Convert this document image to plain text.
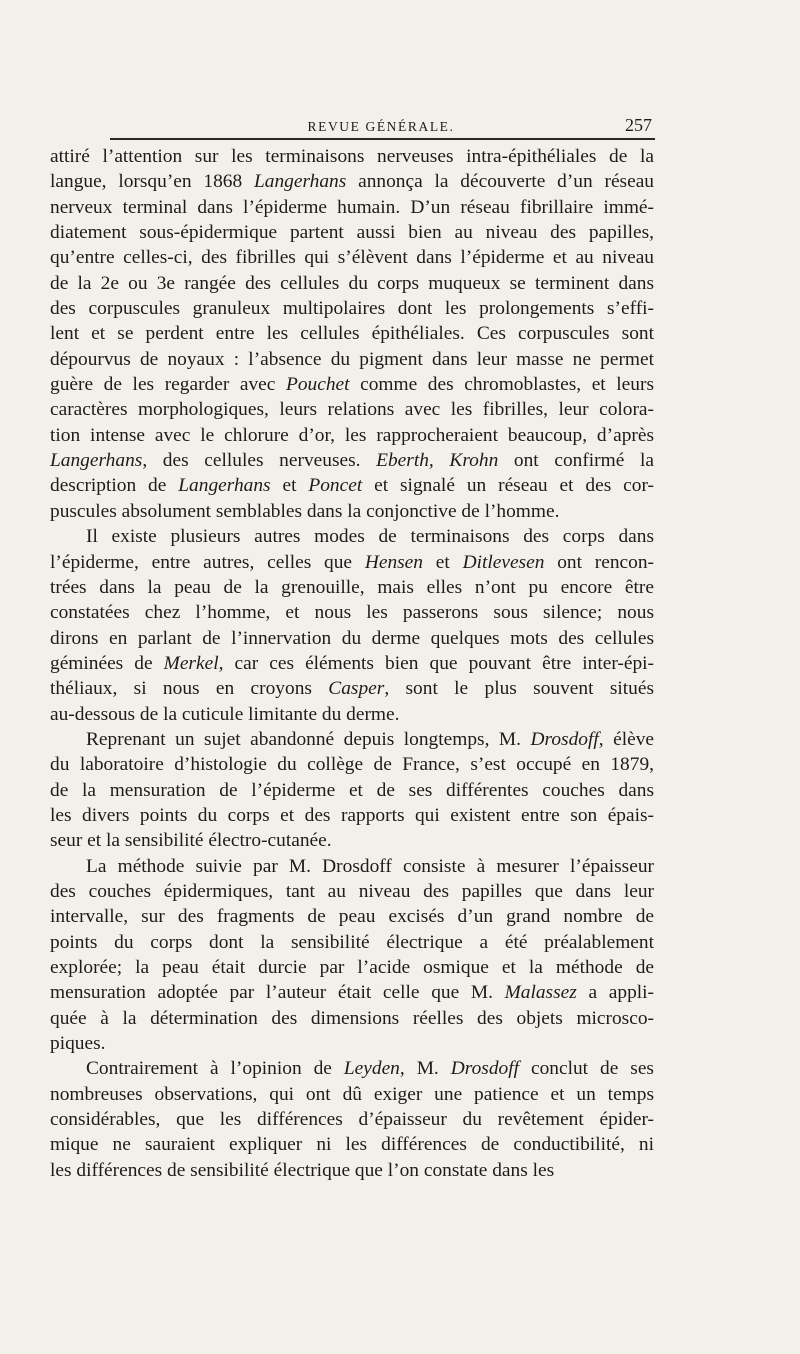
REVUE GÉNÉRALE.	257
attiré l’attention sur les terminaisons nerveuses intra-épithéliales de la
langue, lorsqu’en 1868 Langerhans annonça la découverte d’un réseau
nerveux terminal dans l’épiderme humain. D’un réseau fibrillaire immé-
diatement sous-épidermique partent aussi bien au niveau des papilles,
qu’entre celles-ci, des fibrilles qui s’élèvent dans l’épiderme et au niveau
de la 2e ou 3e rangée des cellules du corps muqueux se terminent dans
des corpuscules granuleux multipolaires dont les prolongements s’effi-
lent et se perdent entre les cellules épithéliales. Ces corpuscules sont
dépourvus de noyaux : l’absence du pigment dans leur masse ne permet
guère de les regarder avec Pouchet comme des chromoblastes, et leurs
caractères morphologiques, leurs relations avec les fibrilles, leur colora-
tion intense avec le chlorure d’or, les rapprocheraient beaucoup, d’après
Langerhans, des cellules nerveuses. Eberth, Krohn ont confirmé la
description de Langerhans et Poncet et signalé un réseau et des cor-
puscules absolument semblables dans la conjonctive de l’homme.
Il existe plusieurs autres modes de terminaisons des corps dans
l’épiderme, entre autres, celles que Hensen et Ditlevesen ont rencon-
trées dans la peau de la grenouille, mais elles n’ont pu encore être
constatées chez l’homme, et nous les passerons sous silence; nous
dirons en parlant de l’innervation du derme quelques mots des cellules
géminées de Merkel, car ces éléments bien que pouvant être inter-épi-
théliaux, si nous en croyons Casper, sont le plus souvent situés
au-dessous de la cuticule limitante du derme.
Reprenant un sujet abandonné depuis longtemps, M. Drosdoff, élève
du laboratoire d’histologie du collège de France, s’est occupé en 1879,
de la mensuration de l’épiderme et de ses différentes couches dans
les divers points du corps et des rapports qui existent entre son épais-
seur et la sensibilité électro-cutanée.
La méthode suivie par M. Drosdoff consiste à mesurer l’épaisseur
des couches épidermiques, tant au niveau des papilles que dans leur
intervalle, sur des fragments de peau excisés d’un grand nombre de
points du corps dont la sensibilité électrique a été préalablement
explorée; la peau était durcie par l’acide osmique et la méthode de
mensuration adoptée par l’auteur était celle que M. Malassez a appli-
quée à la détermination des dimensions réelles des objets microsco-
piques.
Contrairement à l’opinion de Leyden, M. Drosdoff conclut de ses
nombreuses observations, qui ont dû exiger une patience et un temps
considérables, que les différences d’épaisseur du revêtement épider-
mique ne sauraient expliquer ni les différences de conductibilité, ni
les différences de sensibilité électrique que l’on constate dans les
